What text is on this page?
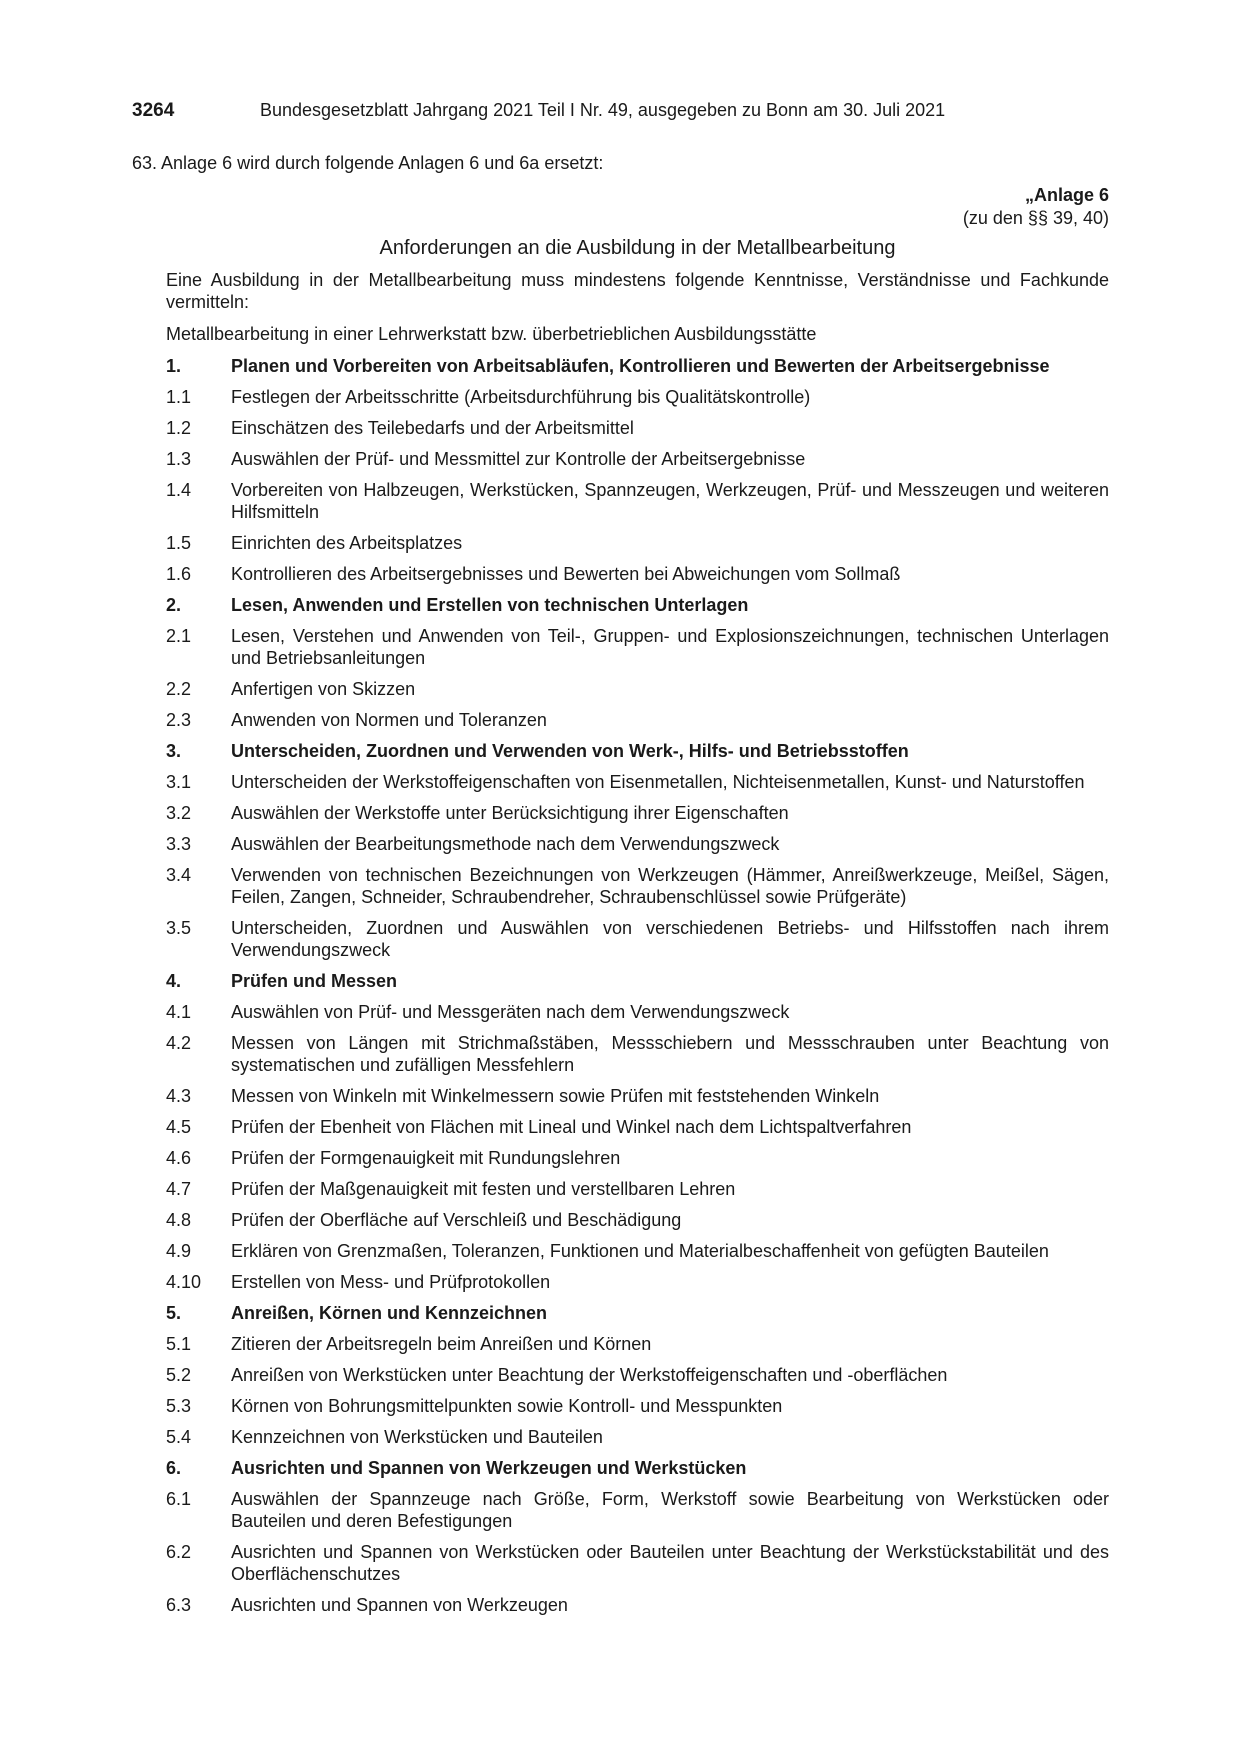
3264	Bundesgesetzblatt Jahrgang 2021 Teil I Nr. 49, ausgegeben zu Bonn am 30. Juli 2021
63. Anlage 6 wird durch folgende Anlagen 6 und 6a ersetzt:
„Anlage 6
(zu den §§ 39, 40)
Anforderungen an die Ausbildung in der Metallbearbeitung
Eine Ausbildung in der Metallbearbeitung muss mindestens folgende Kenntnisse, Verständnisse und Fachkunde vermitteln:
Metallbearbeitung in einer Lehrwerkstatt bzw. überbetrieblichen Ausbildungsstätte
1.	Planen und Vorbereiten von Arbeitsabläufen, Kontrollieren und Bewerten der Arbeitsergebnisse
1.1	Festlegen der Arbeitsschritte (Arbeitsdurchführung bis Qualitätskontrolle)
1.2	Einschätzen des Teilebedarfs und der Arbeitsmittel
1.3	Auswählen der Prüf- und Messmittel zur Kontrolle der Arbeitsergebnisse
1.4	Vorbereiten von Halbzeugen, Werkstücken, Spannzeugen, Werkzeugen, Prüf- und Messzeugen und weiteren Hilfsmitteln
1.5	Einrichten des Arbeitsplatzes
1.6	Kontrollieren des Arbeitsergebnisses und Bewerten bei Abweichungen vom Sollmaß
2.	Lesen, Anwenden und Erstellen von technischen Unterlagen
2.1	Lesen, Verstehen und Anwenden von Teil-, Gruppen- und Explosionszeichnungen, technischen Unterlagen und Betriebsanleitungen
2.2	Anfertigen von Skizzen
2.3	Anwenden von Normen und Toleranzen
3.	Unterscheiden, Zuordnen und Verwenden von Werk-, Hilfs- und Betriebsstoffen
3.1	Unterscheiden der Werkstoffeigenschaften von Eisenmetallen, Nichteisenmetallen, Kunst- und Naturstoffen
3.2	Auswählen der Werkstoffe unter Berücksichtigung ihrer Eigenschaften
3.3	Auswählen der Bearbeitungsmethode nach dem Verwendungszweck
3.4	Verwenden von technischen Bezeichnungen von Werkzeugen (Hämmer, Anreißwerkzeuge, Meißel, Sägen, Feilen, Zangen, Schneider, Schraubendreher, Schraubenschlüssel sowie Prüfgeräte)
3.5	Unterscheiden, Zuordnen und Auswählen von verschiedenen Betriebs- und Hilfsstoffen nach ihrem Verwendungszweck
4.	Prüfen und Messen
4.1	Auswählen von Prüf- und Messgeräten nach dem Verwendungszweck
4.2	Messen von Längen mit Strichmaßstäben, Messschiebern und Messschrauben unter Beachtung von systematischen und zufälligen Messfehlern
4.3	Messen von Winkeln mit Winkelmessern sowie Prüfen mit feststehenden Winkeln
4.5	Prüfen der Ebenheit von Flächen mit Lineal und Winkel nach dem Lichtspaltverfahren
4.6	Prüfen der Formgenauigkeit mit Rundungslehren
4.7	Prüfen der Maßgenauigkeit mit festen und verstellbaren Lehren
4.8	Prüfen der Oberfläche auf Verschleiß und Beschädigung
4.9	Erklären von Grenzmaßen, Toleranzen, Funktionen und Materialbeschaffenheit von gefügten Bauteilen
4.10	Erstellen von Mess- und Prüfprotokollen
5.	Anreißen, Körnen und Kennzeichnen
5.1	Zitieren der Arbeitsregeln beim Anreißen und Körnen
5.2	Anreißen von Werkstücken unter Beachtung der Werkstoffeigenschaften und -oberflächen
5.3	Körnen von Bohrungsmittelpunkten sowie Kontroll- und Messpunkten
5.4	Kennzeichnen von Werkstücken und Bauteilen
6.	Ausrichten und Spannen von Werkzeugen und Werkstücken
6.1	Auswählen der Spannzeuge nach Größe, Form, Werkstoff sowie Bearbeitung von Werkstücken oder Bauteilen und deren Befestigungen
6.2	Ausrichten und Spannen von Werkstücken oder Bauteilen unter Beachtung der Werkstückstabilität und des Oberflächenschutzes
6.3	Ausrichten und Spannen von Werkzeugen
